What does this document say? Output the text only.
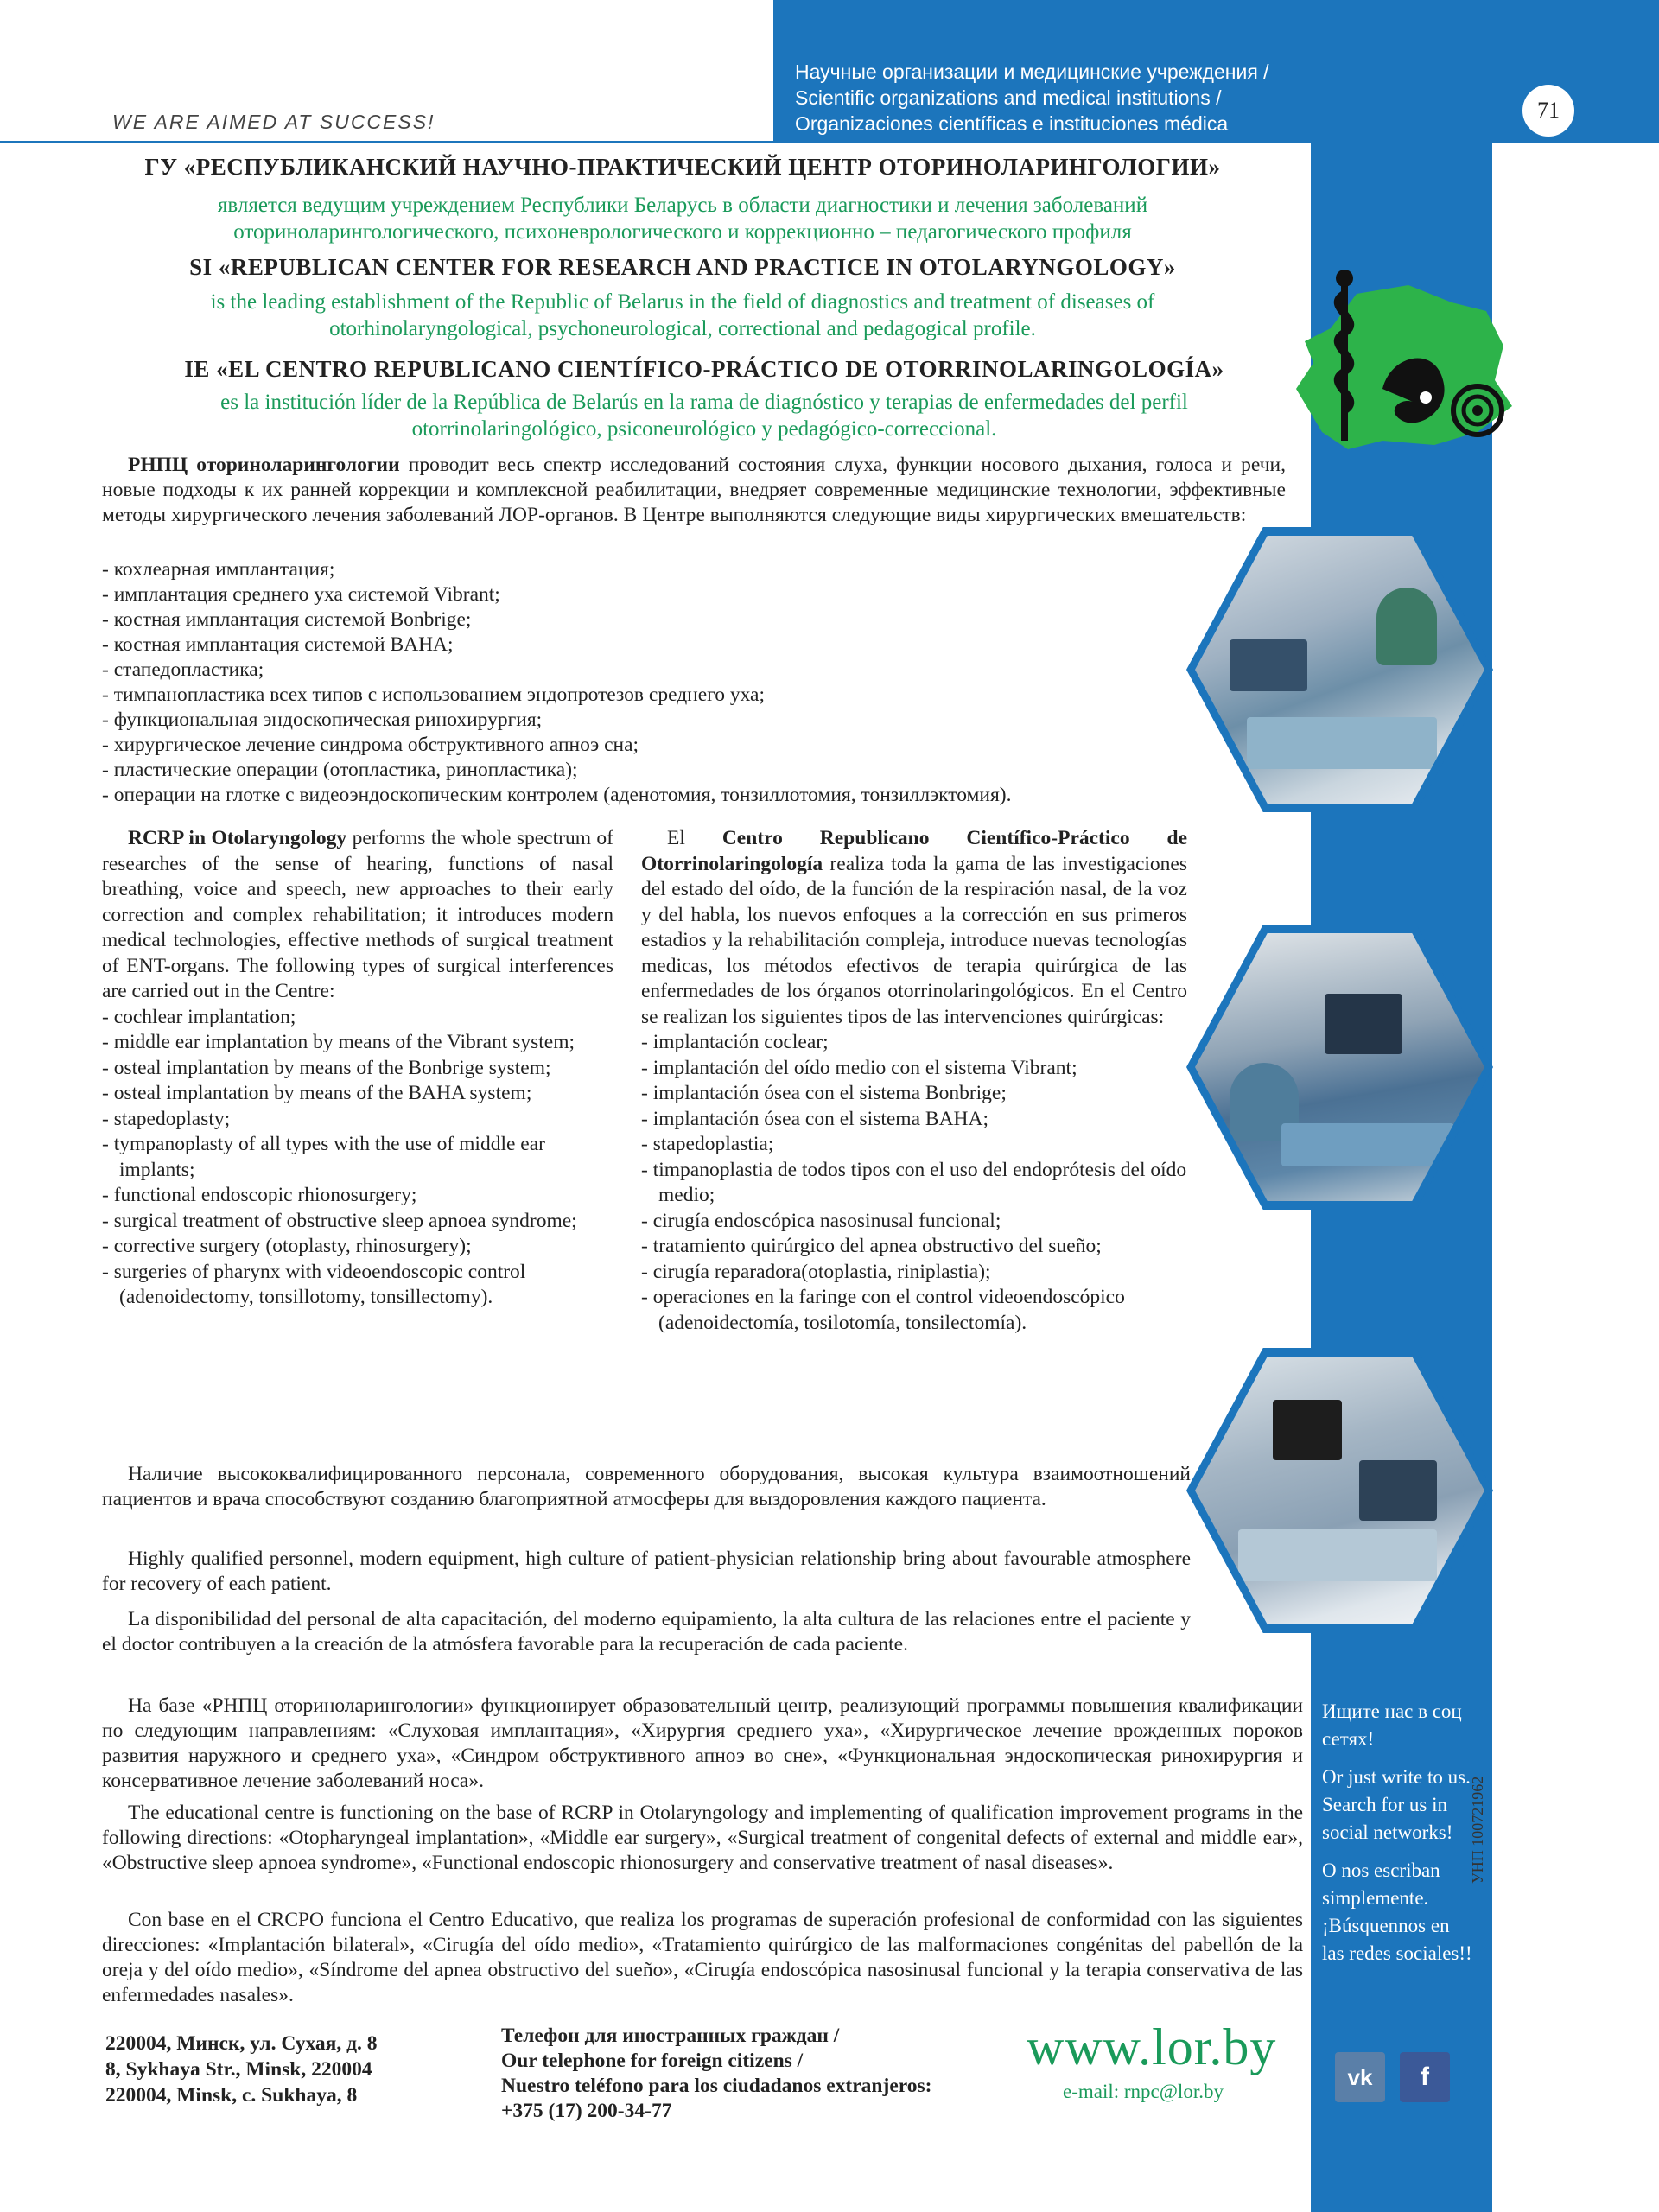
WE ARE AIMED AT SUCCESS!
Научные организации и медицинские учреждения /
Scientific organizations and medical institutions /
Organizaciones científicas e instituciones médica
71
ГУ «РЕСПУБЛИКАНСКИЙ НАУЧНО-ПРАКТИЧЕСКИЙ ЦЕНТР ОТОРИНОЛАРИНГОЛОГИИ»
является ведущим учреждением Республики Беларусь в области диагностики и лечения заболеваний
оториноларингологического, психоневрологического и коррекционно – педагогического профиля
SI «REPUBLICAN CENTER FOR RESEARCH AND PRACTICE IN OTOLARYNGOLOGY»
is the leading establishment of the Republic of Belarus in the field of diagnostics and treatment of diseases of
otorhinolaryngological, psychoneurological, correctional and pedagogical profile.
IE «EL CENTRO REPUBLICANO CIENTÍFICO-PRÁCTICO DE OTORRINOLARINGOLOGÍA»
es la institución líder de la República de Belarús en la rama de diagnóstico y terapias de enfermedades del perfil
otorrinolaringológico, psiconeurológico y pedagógico-correccional.
РНПЦ оториноларингологии проводит весь спектр исследований состояния слуха, функции носового дыхания, голоса и речи, новые подходы к их ранней коррекции и комплексной реабилитации, внедряет современные медицинские технологии, эффективные методы хирургического лечения заболеваний ЛОР-органов. В Центре выполняются следующие виды хирургических вмешательств:
- кохлеарная имплантация;
- имплантация среднего уха системой Vibrant;
- костная имплантация системой Bonbrige;
- костная имплантация системой BAHA;
- стапедопластика;
- тимпанопластика всех типов с использованием эндопротезов среднего уха;
- функциональная эндоскопическая ринохирургия;
- хирургическое лечение синдрома обструктивного апноэ сна;
- пластические операции (отопластика, ринопластика);
- операции на глотке с видеоэндоскопическим контролем (аденотомия, тонзиллотомия, тонзиллэктомия).
RCRP in Otolaryngology performs the whole spectrum of researches of the sense of hearing, functions of nasal breathing, voice and speech, new approaches to their early correction and complex rehabilitation; it introduces modern medical technologies, effective methods of surgical treatment of ENT-organs. The following types of surgical interferences are carried out in the Centre:
- cochlear implantation;
- middle ear implantation by means of the Vibrant system;
- osteal implantation by means of the Bonbrige system;
- osteal implantation by means of the BAHA system;
- stapedoplasty;
- tympanoplasty of all types with the use of middle ear implants;
- functional endoscopic rhionosurgery;
- surgical treatment of obstructive sleep apnoea syndrome;
- corrective surgery (otoplasty, rhinosurgery);
- surgeries of pharynx with videoendoscopic control (adenoidectomy, tonsillotomy, tonsillectomy).
El Centro Republicano Científico-Práctico de Otorrinolaringología realiza toda la gama de las investigaciones del estado del oído, de la función de la respiración nasal, de la voz y del habla, los nuevos enfoques a la corrección en sus primeros estadios y la rehabilitación compleja, introduce nuevas tecnologías medicas, los métodos efectivos de terapia quirúrgica de las enfermedades de los órganos otorrinolaringológicos. En el Centro se realizan los siguientes tipos de las intervenciones quirúrgicas:
- implantación coclear;
- implantación del oído medio con el sistema Vibrant;
- implantación ósea con el sistema Bonbrige;
- implantación ósea con el sistema BAHA;
- stapedoplastia;
- timpanoplastia de todos tipos con el uso del endoprótesis del oído medio;
- cirugía endoscópica nasosinusal funcional;
- tratamiento quirúrgico del apnea obstructivo del sueño;
- cirugía reparadora(otoplastia, riniplastia);
- operaciones en la faringe con el control videoendoscópico (adenoidectomía, tosilotomía, tonsilectomía).
Наличие высококвалифицированного персонала, современного оборудования, высокая культура взаимоотношений пациентов и врача способствуют созданию благоприятной атмосферы для выздоровления каждого пациента.
Highly qualified personnel, modern equipment, high culture of patient-physician relationship bring about favourable atmosphere for recovery of each patient.
La disponibilidad del personal de alta capacitación, del moderno equipamiento, la alta cultura de las relaciones entre el paciente y el doctor contribuyen a la creación de la atmósfera favorable para la recuperación de cada paciente.
На базе «РНПЦ оториноларингологии» функционирует образовательный центр, реализующий программы повышения квалификации по следующим направлениям: «Слуховая имплантация», «Хирургия среднего уха», «Хирургическое лечение врожденных пороков развития наружного и среднего уха», «Синдром обструктивного апноэ во сне», «Функциональная эндоскопическая ринохирургия и консервативное лечение заболеваний носа».
The educational centre is functioning on the base of RCRP in Otolaryngology and implementing of qualification improvement programs in the following directions: «Otopharyngeal implantation», «Middle ear surgery», «Surgical treatment of congenital defects of external and middle ear», «Obstructive sleep apnoea syndrome», «Functional endoscopic rhionosurgery and conservative treatment of nasal diseases».
Con base en el CRCPO funciona el Centro Educativo, que realiza los programas de superación profesional de conformidad con las siguientes direcciones: «Implantación bilateral», «Cirugía del oído medio», «Tratamiento quirúrgico de las malformaciones congénitas del pabellón de la oreja y del oído medio», «Síndrome del apnea obstructivo del sueño», «Cirugía endoscópica nasosinusal funcional y la terapia conservativa de las enfermedades nasales».

Ищите нас в соц сетях!

Or just write to us. Search for us in social networks!

O nos escriban simplemente. ¡Búsquennos en las redes sociales!!

УНП 100721962
vk	f
220004, Минск, ул. Сухая, д. 8
8, Sykhaya Str., Minsk, 220004
220004, Minsk, c. Sukhaya, 8
Телефон для иностранных граждан /
Our telephone for foreign citizens /
Nuestro teléfono para los ciudadanos extranjeros:
+375 (17) 200-34-77
www.lor.by
e-mail: rnpc@lor.by
